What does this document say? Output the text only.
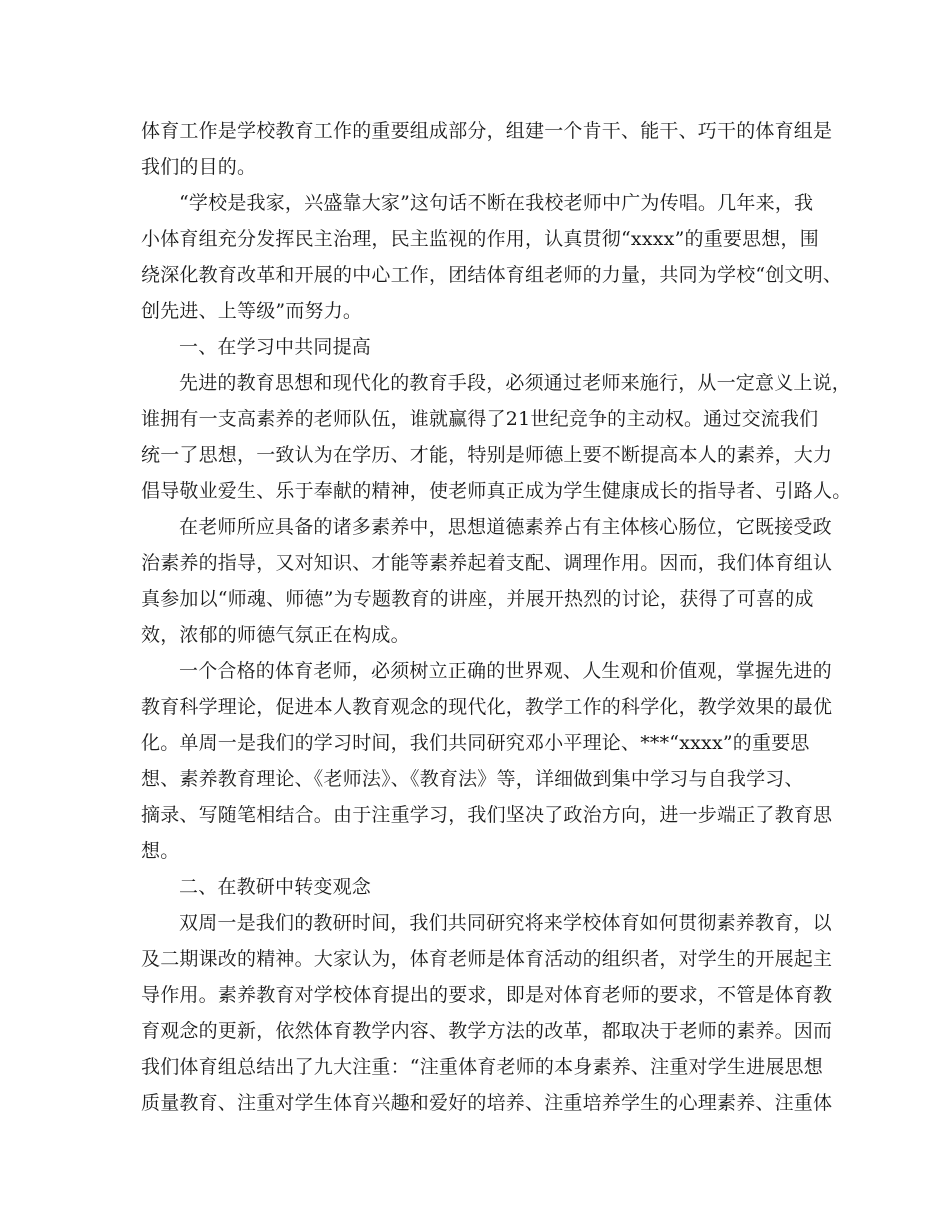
体育工作是学校教育工作的重要组成部分，组建一个肯干、能干、巧干的体育组是
我们的目的。
“学校是我家，兴盛靠大家”这句话不断在我校老师中广为传唱。几年来，我
小体育组充分发挥民主治理，民主监视的作用，认真贯彻“xxxx”的重要思想，围
绕深化教育改革和开展的中心工作，团结体育组老师的力量，共同为学校“创文明、
创先进、上等级”而努力。
一、在学习中共同提高
先进的教育思想和现代化的教育手段，必须通过老师来施行，从一定意义上说，
谁拥有一支高素养的老师队伍，谁就赢得了21世纪竞争的主动权。通过交流我们
统一了思想，一致认为在学历、才能，特别是师德上要不断提高本人的素养，大力
倡导敬业爱生、乐于奉献的精神，使老师真正成为学生健康成长的指导者、引路人。
在老师所应具备的诸多素养中，思想道德素养占有主体核心肠位，它既接受政
治素养的指导，又对知识、才能等素养起着支配、调理作用。因而，我们体育组认
真参加以“师魂、师德”为专题教育的讲座，并展开热烈的讨论，获得了可喜的成
效，浓郁的师德气氛正在构成。
一个合格的体育老师，必须树立正确的世界观、人生观和价值观，掌握先进的
教育科学理论，促进本人教育观念的现代化，教学工作的科学化，教学效果的最优
化。单周一是我们的学习时间，我们共同研究邓小平理论、***“xxxx”的重要思
想、素养教育理论、《老师法》、《教育法》等，详细做到集中学习与自我学习、
摘录、写随笔相结合。由于注重学习，我们坚决了政治方向，进一步端正了教育思
想。
二、在教研中转变观念
双周一是我们的教研时间，我们共同研究将来学校体育如何贯彻素养教育，以
及二期课改的精神。大家认为，体育老师是体育活动的组织者，对学生的开展起主
导作用。素养教育对学校体育提出的要求，即是对体育老师的要求，不管是体育教
育观念的更新，依然体育教学内容、教学方法的改革，都取决于老师的素养。因而
我们体育组总结出了九大注重：“注重体育老师的本身素养、注重对学生进展思想
质量教育、注重对学生体育兴趣和爱好的培养、注重培养学生的心理素养、注重体
